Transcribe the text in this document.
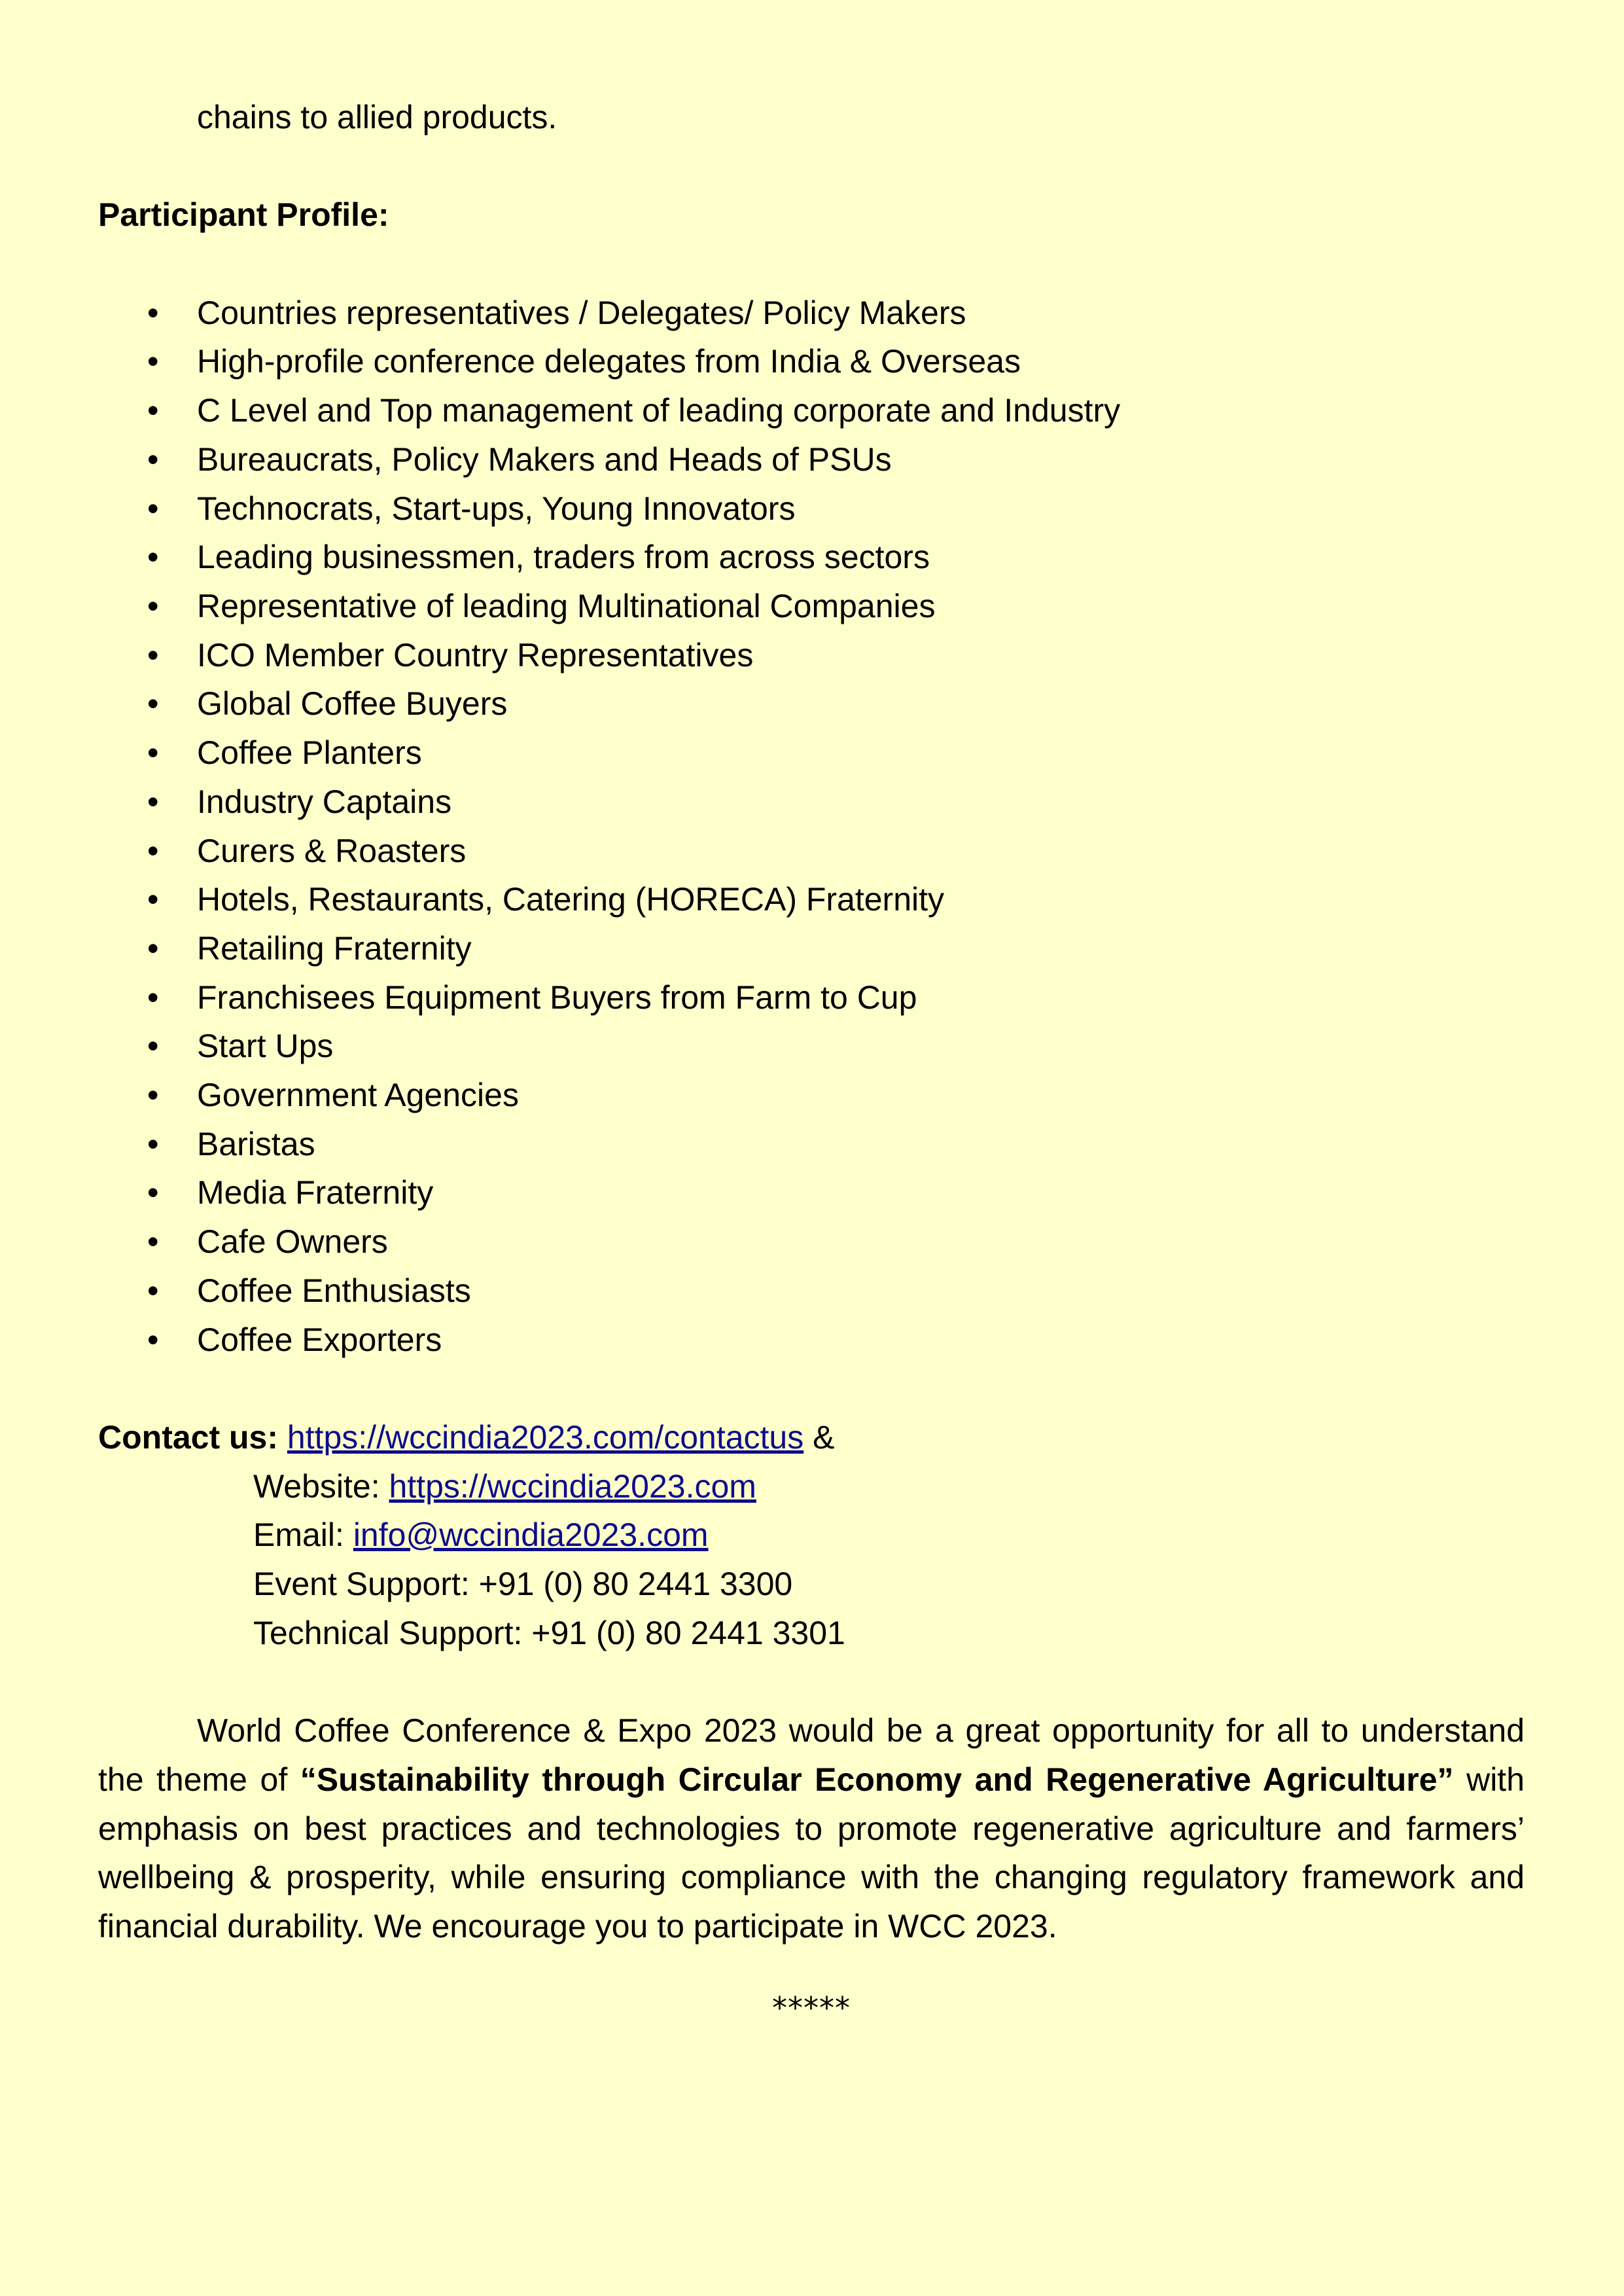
chains to allied products.

Participant Profile:
• Countries representatives / Delegates/ Policy Makers
• High-profile conference delegates from India & Overseas
• C Level and Top management of leading corporate and Industry
• Bureaucrats, Policy Makers and Heads of PSUs
• Technocrats, Start-ups, Young Innovators
• Leading businessmen, traders from across sectors
• Representative of leading Multinational Companies
• ICO Member Country Representatives
• Global Coffee Buyers
• Coffee Planters
• Industry Captains
• Curers & Roasters
• Hotels, Restaurants, Catering (HORECA) Fraternity
• Retailing Fraternity
• Franchisees Equipment Buyers from Farm to Cup
• Start Ups
• Government Agencies
• Baristas
• Media Fraternity
• Cafe Owners
• Coffee Enthusiasts
• Coffee Exporters
Contact us: https://wccindia2023.com/contactus &
Website: https://wccindia2023.com
Email: info@wccindia2023.com
Event Support: +91 (0) 80 2441 3300
Technical Support: +91 (0) 80 2441 3301

World Coffee Conference & Expo 2023 would be a great opportunity for all to understand the theme of “Sustainability through Circular Economy and Regenerative Agriculture” with emphasis on best practices and technologies to promote regenerative agriculture and farmers’ wellbeing & prosperity, while ensuring compliance with the changing regulatory framework and financial durability. We encourage you to participate in WCC 2023.

*****
